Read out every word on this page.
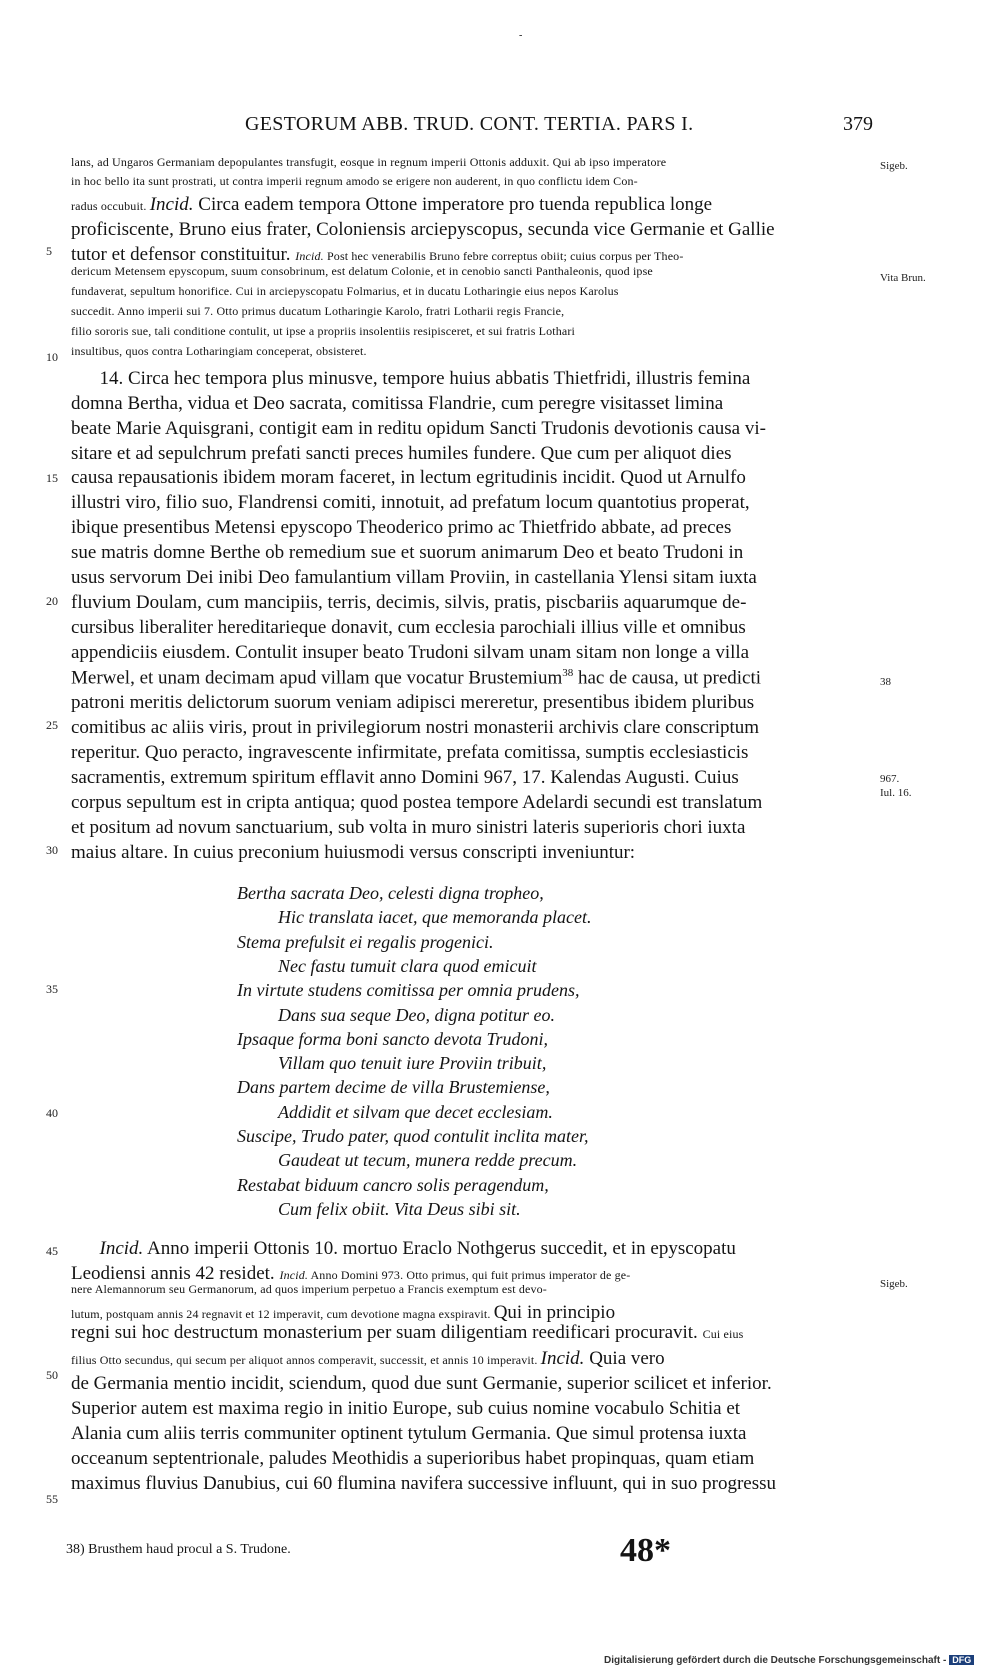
-
GESTORUM ABB. TRUD. CONT. TERTIA. PARS I.	379
lans, ad Ungaros Germaniam depopulantes transfugit, eosque in regnum imperii Ottonis adduxit. Qui ab ipso imperatore
in hoc bello ita sunt prostrati, ut contra imperii regnum amodo se erigere non auderent, in quo conflictu idem Con-
radus occubuit. Incid. Circa eadem tempora Ottone imperatore pro tuenda republica longe
proficiscente, Bruno eius frater, Coloniensis arciepyscopus, secunda vice Germanie et Gallie
tutor et defensor constituitur. Incid. Post hec venerabilis Bruno febre correptus obiit; cuius corpus per Theo-
dericum Metensem epyscopum, suum consobrinum, est delatum Colonie, et in cenobio sancti Panthaleonis, quod ipse
fundaverat, sepultum honorifice. Cui in arciepyscopatu Folmarius, et in ducatu Lotharingie eius nepos Karolus
succedit. Anno imperii sui 7. Otto primus ducatum Lotharingie Karolo, fratri Lotharii regis Francie,
filio sororis sue, tali conditione contulit, ut ipse a propriis insolentiis resipisceret, et sui fratris Lothari
insultibus, quos contra Lotharingiam conceperat, obsisteret.
14. Circa hec tempora plus minusve, tempore huius abbatis Thietfridi, illustris femina
domna Bertha, vidua et Deo sacrata, comitissa Flandrie, cum peregre visitasset limina
beate Marie Aquisgrani, contigit eam in reditu opidum Sancti Trudonis devotionis causa vi-
sitare et ad sepulchrum prefati sancti preces humiles fundere. Que cum per aliquot dies
causa repausationis ibidem moram faceret, in lectum egritudinis incidit. Quod ut Arnulfo
illustri viro, filio suo, Flandrensi comiti, innotuit, ad prefatum locum quantotius properat,
ibique presentibus Metensi epyscopo Theoderico primo ac Thietfrido abbate, ad preces
sue matris domne Berthe ob remedium sue et suorum animarum Deo et beato Trudoni in
usus servorum Dei inibi Deo famulantium villam Proviin, in castellania Ylensi sitam iuxta
fluvium Doulam, cum mancipiis, terris, decimis, silvis, pratis, piscbariis aquarumque de-
cursibus liberaliter hereditarieque donavit, cum ecclesia parochiali illius ville et omnibus
appendiciis eiusdem. Contulit insuper beato Trudoni silvam unam sitam non longe a villa
Merwel, et unam decimam apud villam que vocatur Brustemium$^{38}$ hac de causa, ut predicti
patroni meritis delictorum suorum veniam adipisci mereretur, presentibus ibidem pluribus
comitibus ac aliis viris, prout in privilegiorum nostri monasterii archivis clare conscriptum
reperitur. Quo peracto, ingravescente infirmitate, prefata comitissa, sumptis ecclesiasticis
sacramentis, extremum spiritum efflavit anno Domini 967, 17. Kalendas Augusti. Cuius
corpus sepultum est in cripta antiqua; quod postea tempore Adelardi secundi est translatum
et positum ad novum sanctuarium, sub volta in muro sinistri lateris superioris chori iuxta
maius altare. In cuius preconium huiusmodi versus conscripti inveniuntur:
Incid. Anno imperii Ottonis 10. mortuo Eraclo Nothgerus succedit, et in epyscopatu
Leodiensi annis 42 residet. Incid. Anno Domini 973. Otto primus, qui fuit primus imperator de ge-
nere Alemannorum seu Germanorum, ad quos imperium perpetuo a Francis exemptum est devo-
lutum, postquam annis 24 regnavit et 12 imperavit, cum devotione magna exspiravit. Qui in principio
regni sui hoc destructum monasterium per suam diligentiam reedificari procuravit. Cui eius
filius Otto secundus, qui secum per aliquot annos comperavit, successit, et annis 10 imperavit. Incid. Quia vero
de Germania mentio incidit, sciendum, quod due sunt Germanie, superior scilicet et inferior.
Superior autem est maxima regio in initio Europe, sub cuius nomine vocabulo Schitia et
Alania cum aliis terris communiter optinent tytulum Germania. Que simul protensa iuxta
occeanum septentrionale, paludes Meothidis a superioribus habet propinquas, quam etiam
maximus fluvius Danubius, cui 60 flumina navifera successive influunt, qui in suo progressu
Bertha sacrata Deo, celesti digna tropheo,
Hic translata iacet, que memoranda placet.
Stema prefulsit ei regalis progenici.
Nec fastu tumuit clara quod emicuit
In virtute studens comitissa per omnia prudens,
Dans sua seque Deo, digna potitur eo.
Ipsaque forma boni sancto devota Trudoni,
Villam quo tenuit iure Proviin tribuit,
Dans partem decime de villa Brustemiense,
Addidit et silvam que decet ecclesiam.
Suscipe, Trudo pater, quod contulit inclita mater,
Gaudeat ut tecum, munera redde precum.
Restabat biduum cancro solis peragendum,
Cum felix obiit. Vita Deus sibi sit.
5
10
15
20
25
30
35
40
45
50
55
Sigeb.
Vita Brun.
38
967.
Iul. 16.
Sigeb.
38) Brusthem haud procul a S. Trudone.	48*
Digitalisierung gefördert durch die Deutsche Forschungsgemeinschaft - DFG
